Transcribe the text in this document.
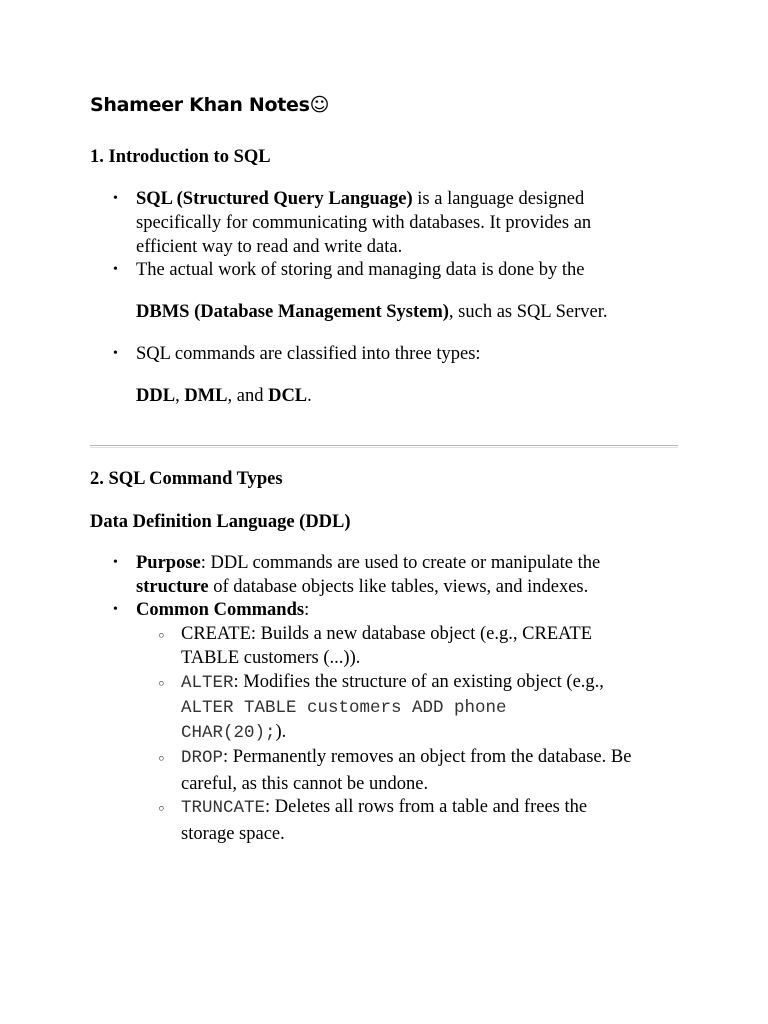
Shameer Khan Notes☺
1. Introduction to SQL
• SQL (Structured Query Language) is a language designed
specifically for communicating with databases. It provides an
efficient way to read and write data.
• The actual work of storing and managing data is done by the
DBMS (Database Management System), such as SQL Server.
• SQL commands are classified into three types:
DDL, DML, and DCL.
2. SQL Command Types
Data Definition Language (DDL)
• Purpose: DDL commands are used to create or manipulate the
structure of database objects like tables, views, and indexes.
• Common Commands:
◦ CREATE: Builds a new database object (e.g., CREATE
TABLE customers (...)).
◦ ALTER: Modifies the structure of an existing object (e.g.,
ALTER TABLE customers ADD phone
CHAR(20);).
◦ DROP: Permanently removes an object from the database. Be
careful, as this cannot be undone.
◦ TRUNCATE: Deletes all rows from a table and frees the
storage space.
